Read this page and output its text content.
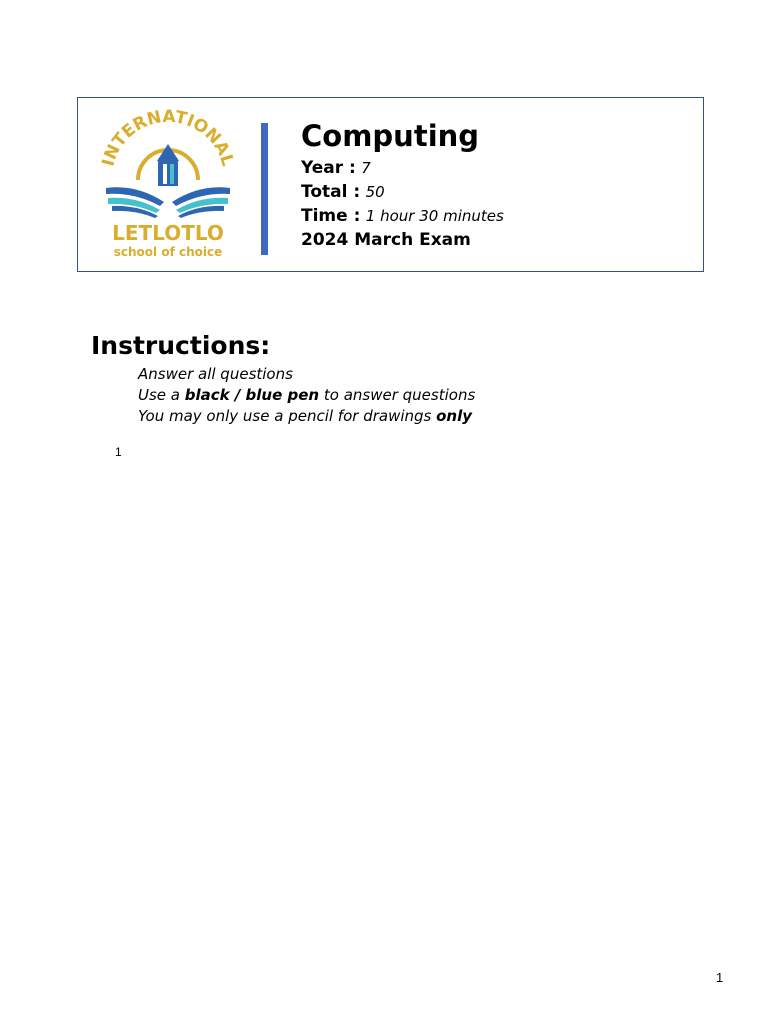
INTERNATIONAL
LETLOTLO
school of choice
Computing
Year : 7
Total : 50
Time : 1 hour 30 minutes
2024 March Exam
Instructions:
Answer all questions
Use a black / blue pen to answer questions
You may only use a pencil for drawings only
1
1
